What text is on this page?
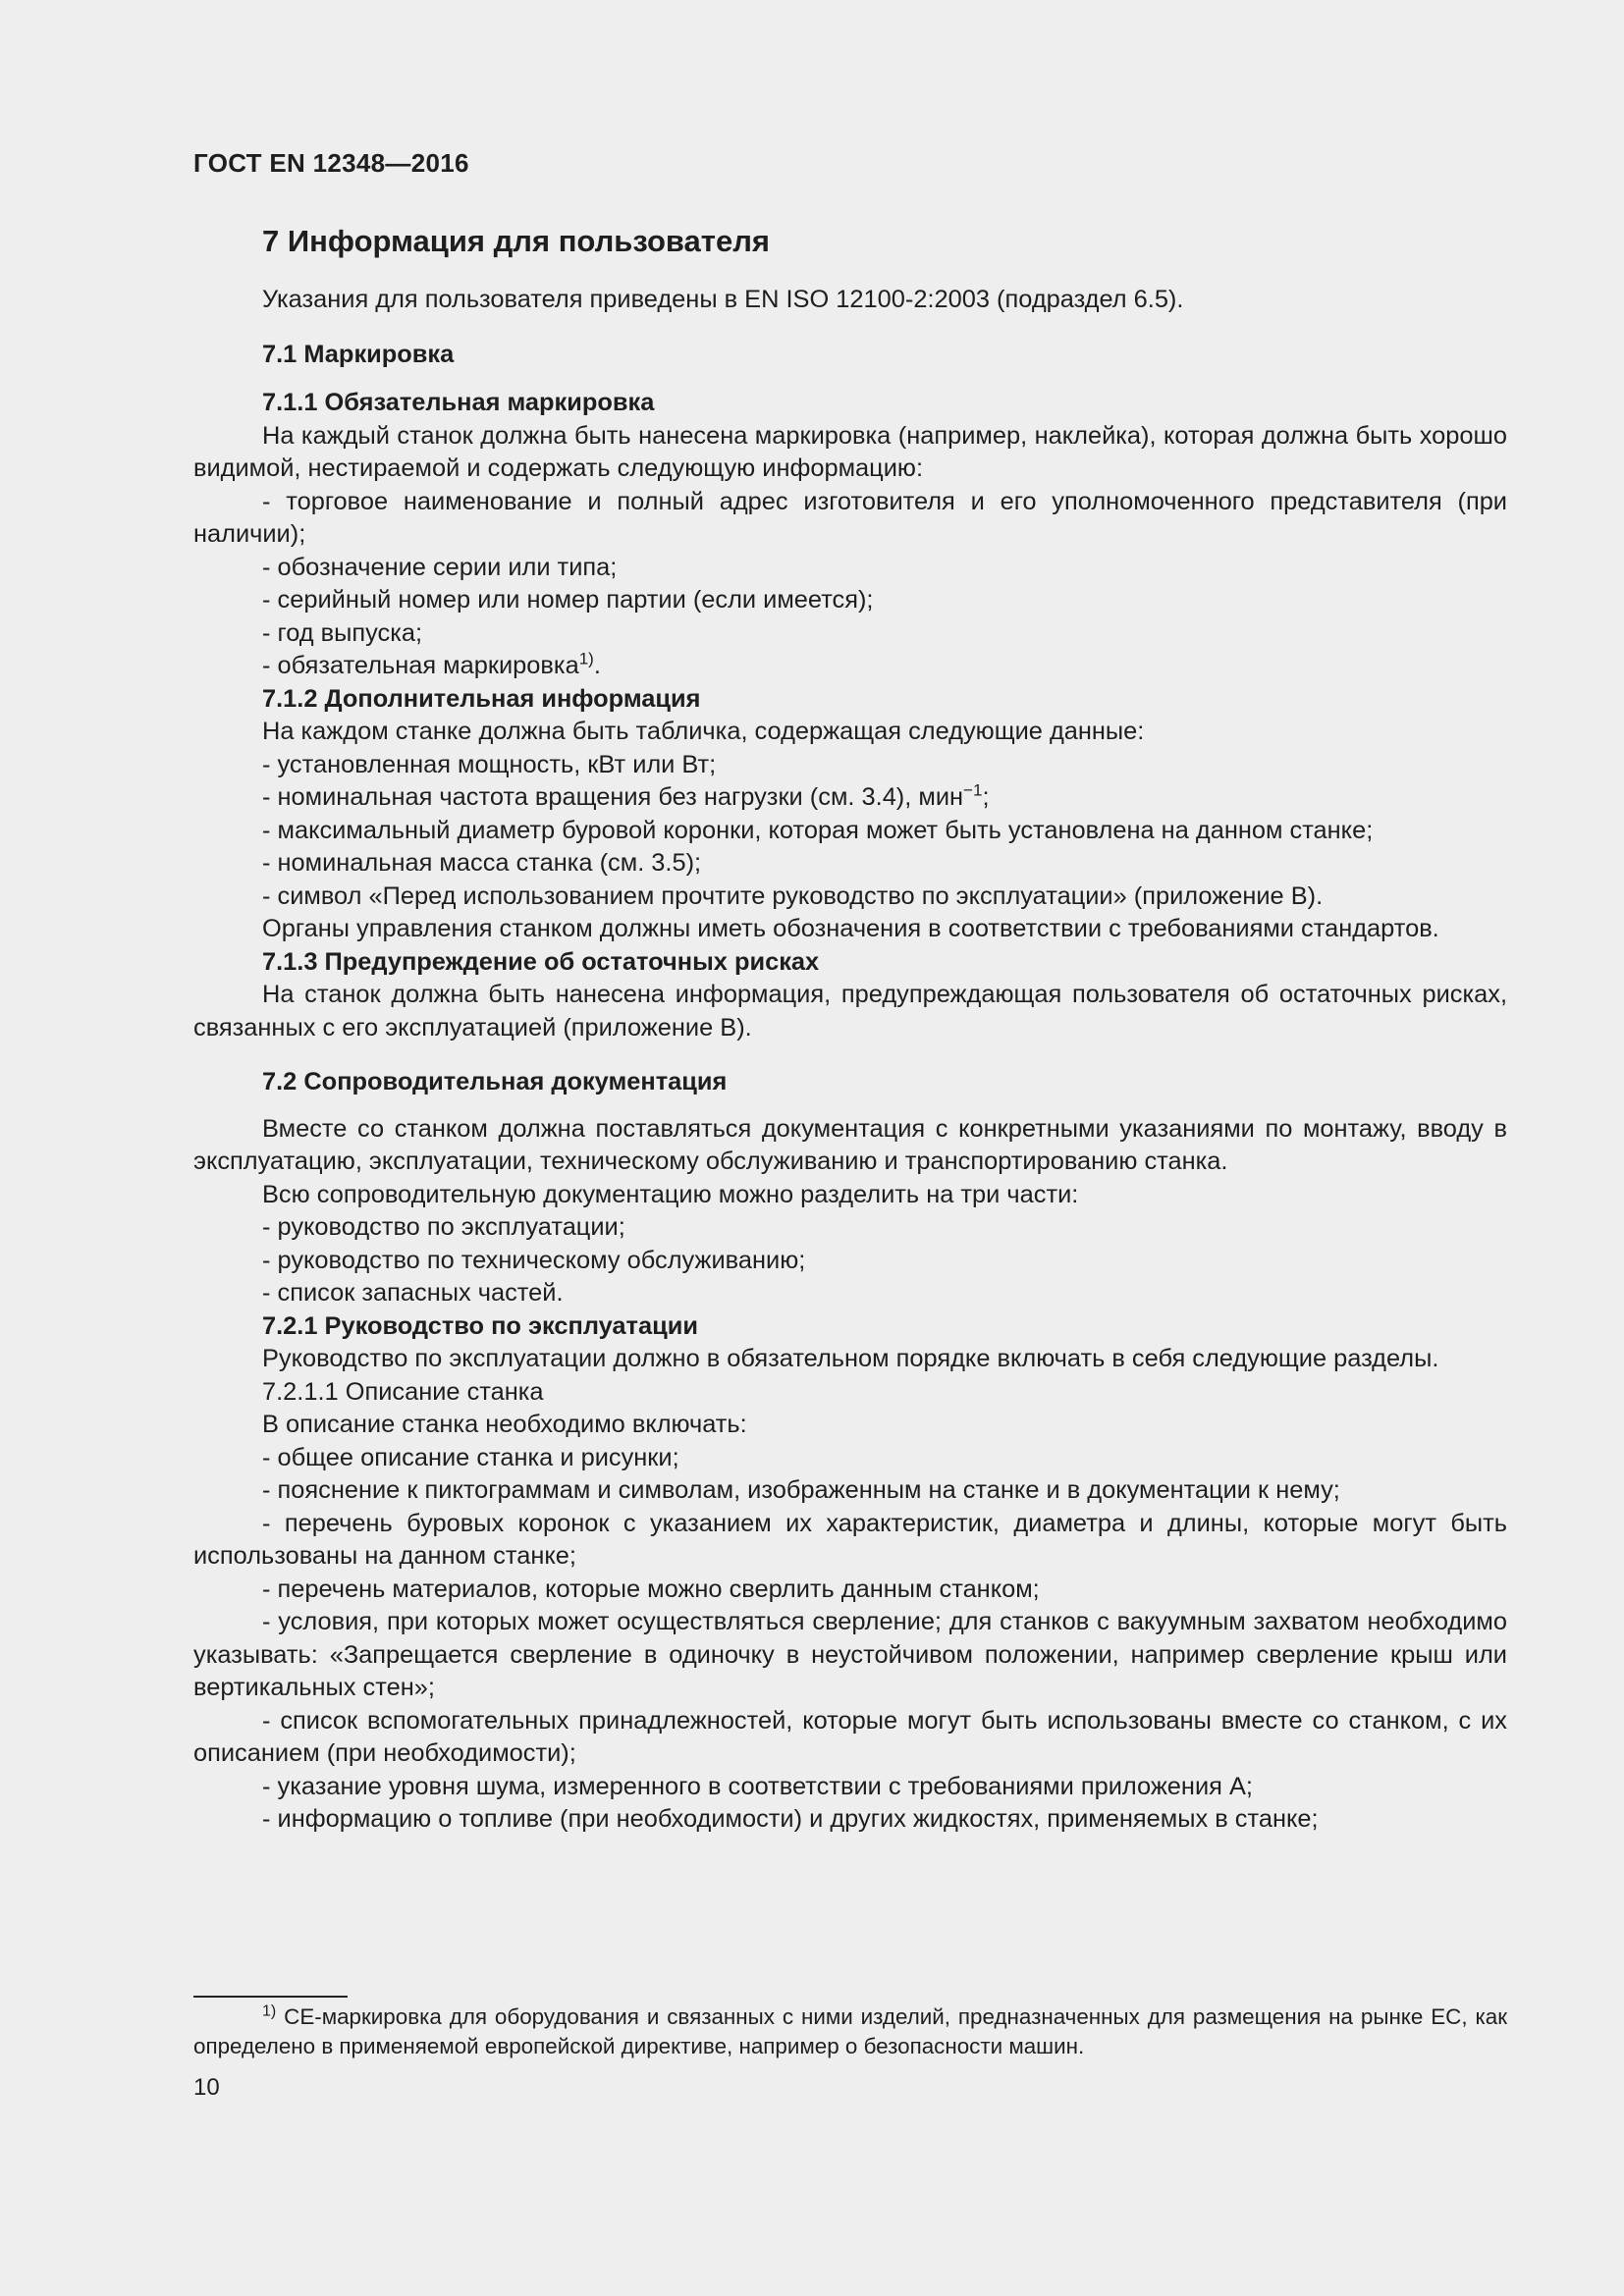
ГОСТ EN 12348—2016
7 Информация для пользователя

Указания для пользователя приведены в EN ISO 12100-2:2003 (подраздел 6.5).

7.1 Маркировка

7.1.1 Обязательная маркировка

На каждый станок должна быть нанесена маркировка (например, наклейка), которая должна быть хорошо видимой, нестираемой и содержать следующую информацию:

- торговое наименование и полный адрес изготовителя и его уполномоченного представителя (при наличии);

- обозначение серии или типа;

- серийный номер или номер партии (если имеется);

- год выпуска;

- обязательная маркировка$^{1)}$.

7.1.2 Дополнительная информация

На каждом станке должна быть табличка, содержащая следующие данные:

- установленная мощность, кВт или Вт;

- номинальная частота вращения без нагрузки (см. 3.4), мин$^{-1}$;

- максимальный диаметр буровой коронки, которая может быть установлена на данном станке;

- номинальная масса станка (см. 3.5);

- символ «Перед использованием прочтите руководство по эксплуатации» (приложение В).

Органы управления станком должны иметь обозначения в соответствии с требованиями стандартов.

7.1.3 Предупреждение об остаточных рисках

На станок должна быть нанесена информация, предупреждающая пользователя об остаточных рисках, связанных с его эксплуатацией (приложение В).

7.2 Сопроводительная документация

Вместе со станком должна поставляться документация с конкретными указаниями по монтажу, вводу в эксплуатацию, эксплуатации, техническому обслуживанию и транспортированию станка.

Всю сопроводительную документацию можно разделить на три части:

- руководство по эксплуатации;

- руководство по техническому обслуживанию;

- список запасных частей.

7.2.1 Руководство по эксплуатации

Руководство по эксплуатации должно в обязательном порядке включать в себя следующие разделы.

7.2.1.1 Описание станка

В описание станка необходимо включать:

- общее описание станка и рисунки;

- пояснение к пиктограммам и символам, изображенным на станке и в документации к нему;

- перечень буровых коронок с указанием их характеристик, диаметра и длины, которые могут быть использованы на данном станке;

- перечень материалов, которые можно сверлить данным станком;

- условия, при которых может осуществляться сверление; для станков с вакуумным захватом необходимо указывать: «Запрещается сверление в одиночку в неустойчивом положении, например сверление крыш или вертикальных стен»;

- список вспомогательных принадлежностей, которые могут быть использованы вместе со станком, с их описанием (при необходимости);

- указание уровня шума, измеренного в соответствии с требованиями приложения А;

- информацию о топливе (при необходимости) и других жидкостях, применяемых в станке;

$^{1)}$ CE-маркировка для оборудования и связанных с ними изделий, предназначенных для размещения на рынке ЕС, как определено в применяемой европейской директиве, например о безопасности машин.

10
